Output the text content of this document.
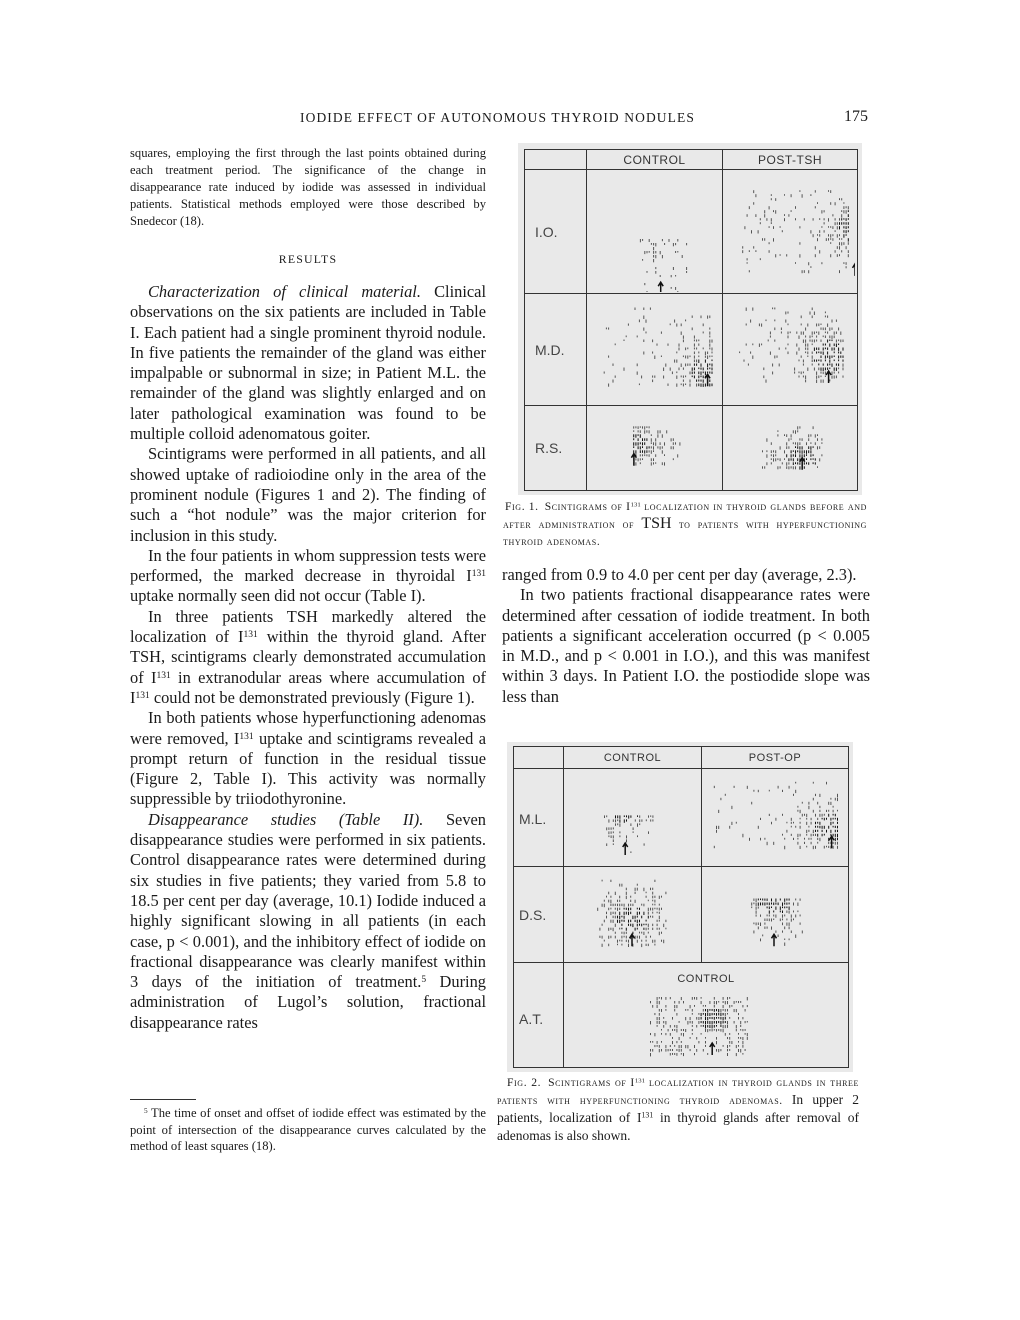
IODIDE EFFECT OF AUTONOMOUS THYROID NODULES	175

squares, employing the first through the last points obtained during each treatment period. The significance of the change in disappearance rate induced by iodide was assessed in individual patients. Statistical methods employed were those described by Snedecor (18).

RESULTS

Characterization of clinical material. Clinical observations on the six patients are included in Table I. Each patient had a single prominent thyroid nodule. In five patients the remainder of the gland was either impalpable or subnormal in size; in Patient M.L. the remainder of the gland was slightly enlarged and on later pathological examination was found to be multiple colloid adenomatous goiter.

Scintigrams were performed in all patients, and all showed uptake of radioiodine only in the area of the prominent nodule (Figures 1 and 2). The finding of such a “hot nodule” was the major criterion for inclusion in this study.

In the four patients in whom suppression tests were performed, the marked decrease in thyroidal $I^{131}$ uptake normally seen did not occur (Table I).

In three patients TSH markedly altered the localization of $I^{131}$ within the thyroid gland. After TSH, scintigrams clearly demonstrated accumulation of $I^{131}$ in extranodular areas where accumulation of $I^{131}$ could not be demonstrated previously (Figure 1).

In both patients whose hyperfunctioning adenomas were removed, $I^{131}$ uptake and scintigrams revealed a prompt return of function in the residual tissue (Figure 2, Table I). This activity was normally suppressible by triiodothyronine.

Disappearance studies (Table II). Seven disappearance studies were performed in six patients. Control disappearance rates were determined during six studies in five patients; they varied from 5.8 to 18.5 per cent per day (average, 10.1) Iodide induced a highly significant slowing in all patients (in each case, p < 0.001), and the inhibitory effect of iodide on fractional disappearance was clearly manifest within 3 days of the initiation of treatment.$^5$ During administration of Lugol’s solution, fractional disappearance rates

$^5$ The time of onset and offset of iodide effect was estimated by the point of intersection of the disappearance curves calculated by the method of least squares (18).
CONTROL	POST-TSH
I.O.
M.D.
R.S.
Fig. 1. Scintigrams of $I^{131}$ localization in thyroid glands before and after administration of TSH to patients with hyperfunctioning thyroid adenomas.

ranged from 0.9 to 4.0 per cent per day (average, 2.3).

In two patients fractional disappearance rates were determined after cessation of iodide treatment. In both patients a significant acceleration occurred (p < 0.005 in M.D., and p < 0.001 in I.O.), and this was manifest within 3 days. In Patient I.O. the postiodide slope was less than

CONTROL	POST-OP
M.L.
D.S.
A.T.
CONTROL
Fig. 2. Scintigrams of $I^{131}$ localization in thyroid glands in three patients with hyperfunctioning thyroid adenomas. In upper 2 patients, localization of $I^{131}$ in thyroid glands after removal of adenomas is also shown.
